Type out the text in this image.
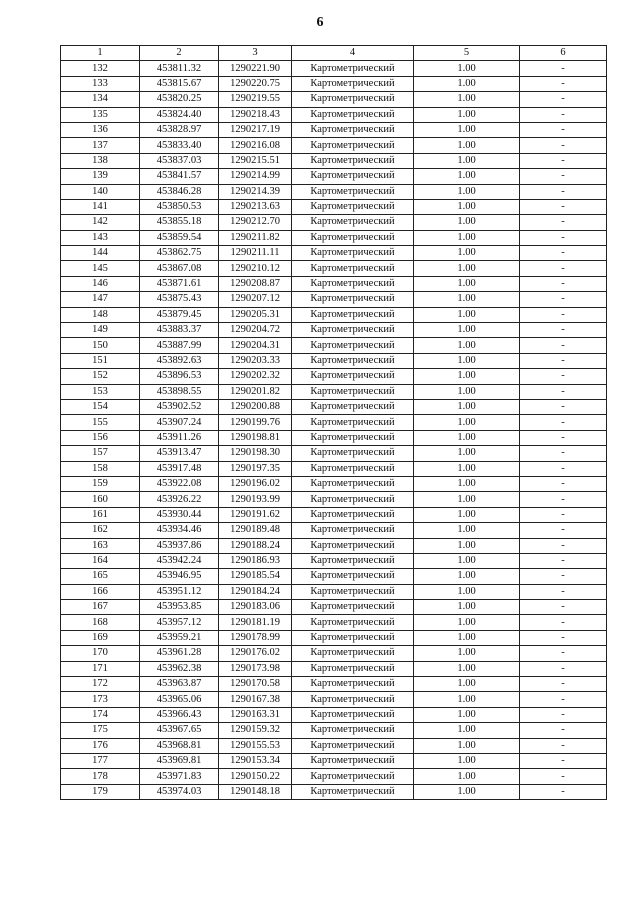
6
1	2	3	4	5	6
132	453811.32	1290221.90	Картометрический	1.00	-
133	453815.67	1290220.75	Картометрический	1.00	-
134	453820.25	1290219.55	Картометрический	1.00	-
135	453824.40	1290218.43	Картометрический	1.00	-
136	453828.97	1290217.19	Картометрический	1.00	-
137	453833.40	1290216.08	Картометрический	1.00	-
138	453837.03	1290215.51	Картометрический	1.00	-
139	453841.57	1290214.99	Картометрический	1.00	-
140	453846.28	1290214.39	Картометрический	1.00	-
141	453850.53	1290213.63	Картометрический	1.00	-
142	453855.18	1290212.70	Картометрический	1.00	-
143	453859.54	1290211.82	Картометрический	1.00	-
144	453862.75	1290211.11	Картометрический	1.00	-
145	453867.08	1290210.12	Картометрический	1.00	-
146	453871.61	1290208.87	Картометрический	1.00	-
147	453875.43	1290207.12	Картометрический	1.00	-
148	453879.45	1290205.31	Картометрический	1.00	-
149	453883.37	1290204.72	Картометрический	1.00	-
150	453887.99	1290204.31	Картометрический	1.00	-
151	453892.63	1290203.33	Картометрический	1.00	-
152	453896.53	1290202.32	Картометрический	1.00	-
153	453898.55	1290201.82	Картометрический	1.00	-
154	453902.52	1290200.88	Картометрический	1.00	-
155	453907.24	1290199.76	Картометрический	1.00	-
156	453911.26	1290198.81	Картометрический	1.00	-
157	453913.47	1290198.30	Картометрический	1.00	-
158	453917.48	1290197.35	Картометрический	1.00	-
159	453922.08	1290196.02	Картометрический	1.00	-
160	453926.22	1290193.99	Картометрический	1.00	-
161	453930.44	1290191.62	Картометрический	1.00	-
162	453934.46	1290189.48	Картометрический	1.00	-
163	453937.86	1290188.24	Картометрический	1.00	-
164	453942.24	1290186.93	Картометрический	1.00	-
165	453946.95	1290185.54	Картометрический	1.00	-
166	453951.12	1290184.24	Картометрический	1.00	-
167	453953.85	1290183.06	Картометрический	1.00	-
168	453957.12	1290181.19	Картометрический	1.00	-
169	453959.21	1290178.99	Картометрический	1.00	-
170	453961.28	1290176.02	Картометрический	1.00	-
171	453962.38	1290173.98	Картометрический	1.00	-
172	453963.87	1290170.58	Картометрический	1.00	-
173	453965.06	1290167.38	Картометрический	1.00	-
174	453966.43	1290163.31	Картометрический	1.00	-
175	453967.65	1290159.32	Картометрический	1.00	-
176	453968.81	1290155.53	Картометрический	1.00	-
177	453969.81	1290153.34	Картометрический	1.00	-
178	453971.83	1290150.22	Картометрический	1.00	-
179	453974.03	1290148.18	Картометрический	1.00	-
